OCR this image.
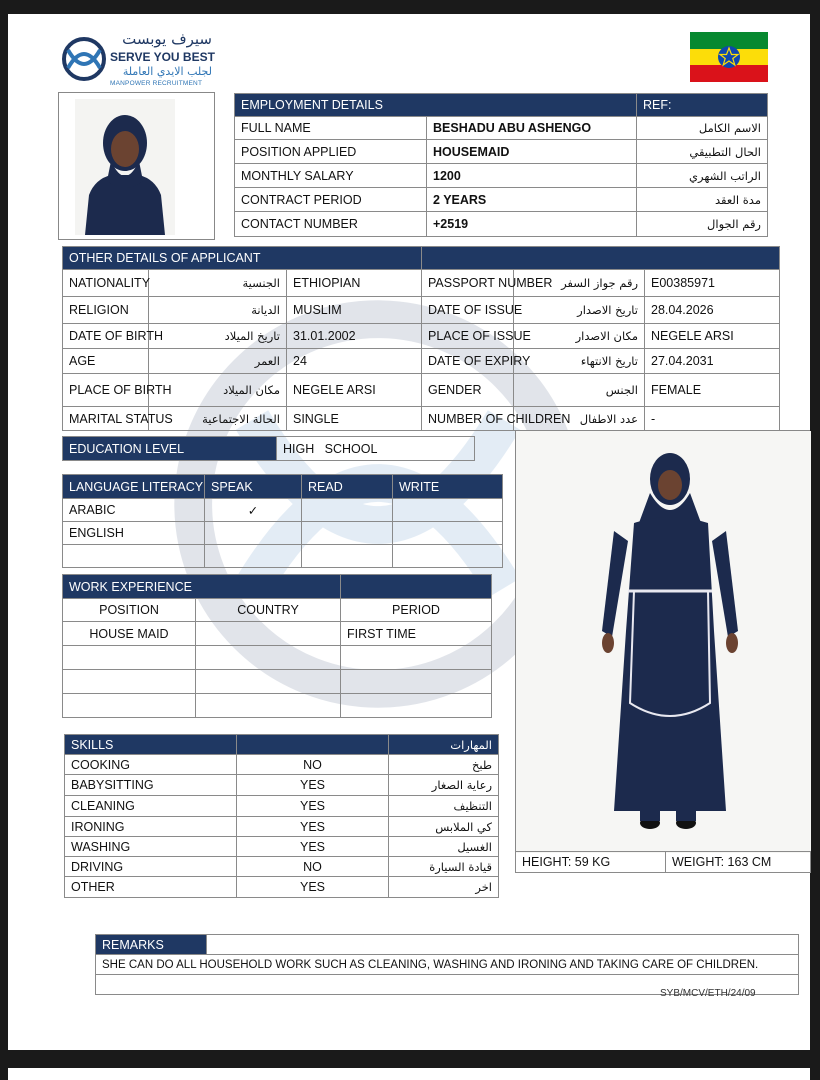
سيرف يوبست
SERVE YOU BEST
لجلب الايدي العاملة
MANPOWER RECRUITMENT
EMPLOYMENT DETAILS		REF:
FULL NAME	BESHADU ABU ASHENGO	الاسم الكامل
POSITION APPLIED	HOUSEMAID	الحال التطبيقي
MONTHLY SALARY	1200	الراتب الشهري
CONTRACT PERIOD	2 YEARS	مدة العقد
CONTACT NUMBER	+2519	رقم الجوال
OTHER DETAILS OF APPLICANT					
NATIONALITY	الجنسية	ETHIOPIAN	PASSPORT NUMBER	رقم جواز السفر	E00385971
RELIGION	الديانة	MUSLIM	DATE OF ISSUE	تاريخ الاصدار	28.04.2026
DATE OF BIRTH	تاريخ الميلاد	31.01.2002	PLACE OF ISSUE	مكان الاصدار	NEGELE ARSI
AGE	العمر	24	DATE OF EXPIRY	تاريخ الانتهاء	27.04.2031
PLACE OF BIRTH	مكان الميلاد	NEGELE ARSI	GENDER	الجنس	FEMALE
MARITAL STATUS	الحالة الاجتماعية	SINGLE	NUMBER OF CHILDREN	عدد الاطفال	-
EDUCATION LEVEL	HIGH   SCHOOL
LANGUAGE LITERACY	SPEAK	READ	WRITE
ARABIC	✓		
ENGLISH			

WORK EXPERIENCE		
POSITION	COUNTRY	PERIOD
HOUSE MAID		FIRST TIME

SKILLS		المهارات
COOKING	NO	طبخ
BABYSITTING	YES	رعاية الصغار
CLEANING	YES	التنظيف
IRONING	YES	كي الملابس
WASHING	YES	الغسيل
DRIVING	NO	قيادة السيارة
OTHER	YES	اخر
HEIGHT: 59 KG	WEIGHT: 163 CM
REMARKS	
SHE CAN DO ALL HOUSEHOLD WORK SUCH AS CLEANING, WASHING AND IRONING AND TAKING CARE OF CHILDREN.

SYB/MCV/ETH/24/09
